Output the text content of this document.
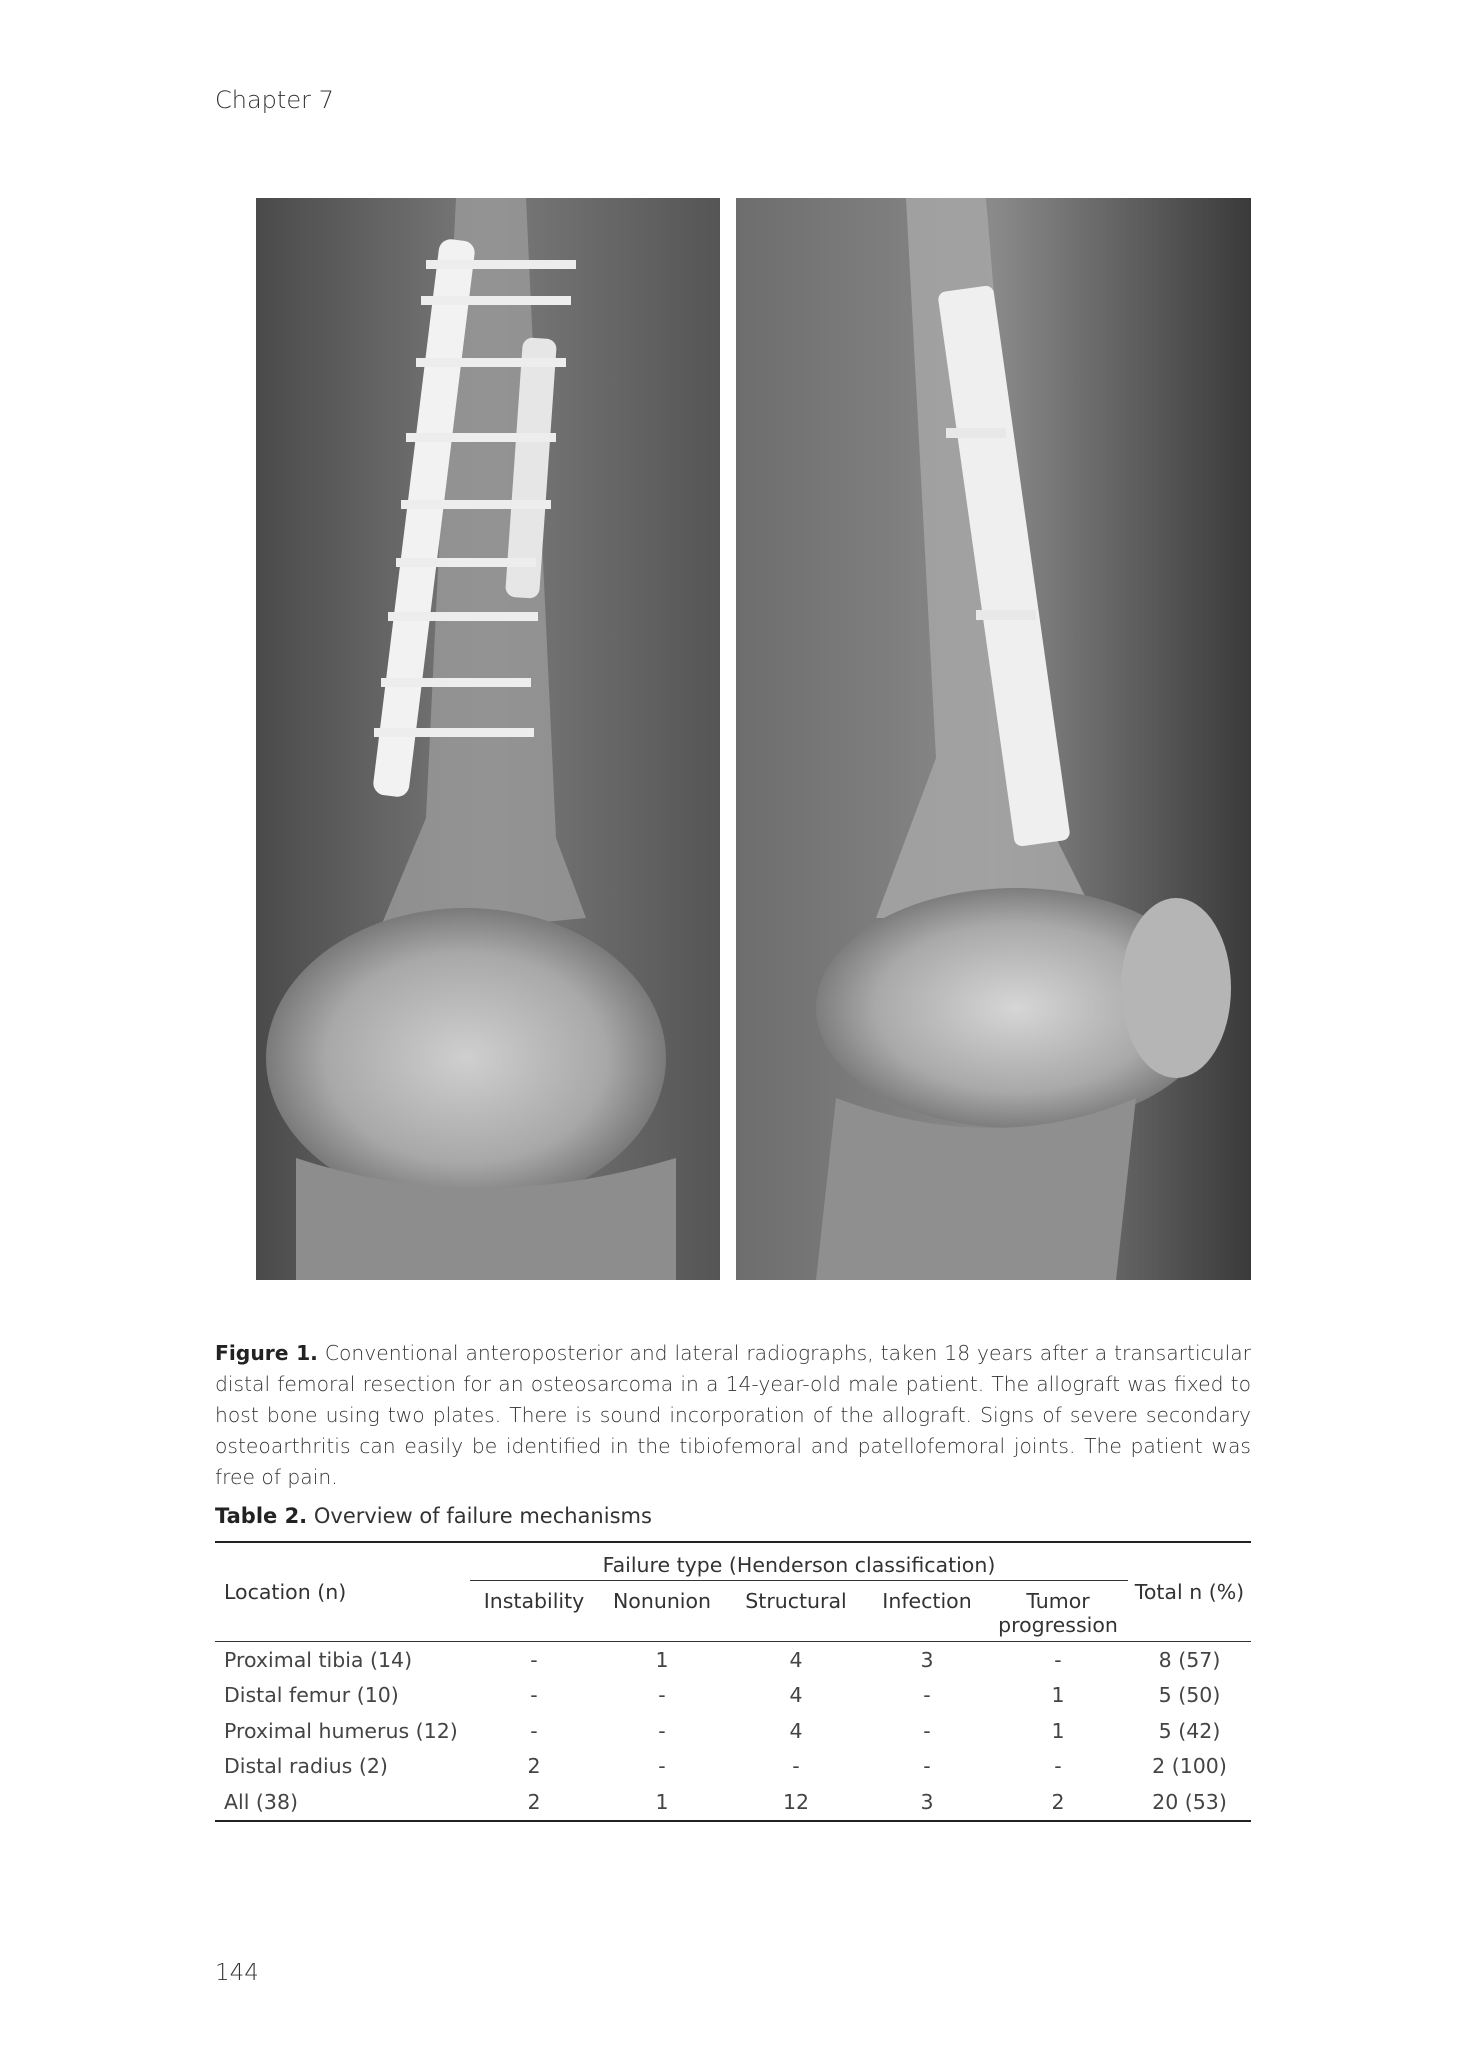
Chapter 7

Figure 1. Conventional anteroposterior and lateral radiographs, taken 18 years after a transarticular distal femoral resection for an osteosarcoma in a 14-year-old male patient. The allograft was fixed to host bone using two plates. There is sound incorporation of the allograft. Signs of severe secondary osteoarthritis can easily be identified in the tibiofemoral and patellofemoral joints. The patient was free of pain.

Table 2. Overview of failure mechanisms

Location (n)	Failure type (Henderson classification)					Total n (%)
	Instability	Nonunion	Structural	Infection	Tumor progression	
Proximal tibia (14)	-	1	4	3	-	8 (57)
Distal femur (10)	-	-	4	-	1	5 (50)
Proximal humerus (12)	-	-	4	-	1	5 (42)
Distal radius (2)	2	-	-	-	-	2 (100)
All (38)	2	1	12	3	2	20 (53)
144
